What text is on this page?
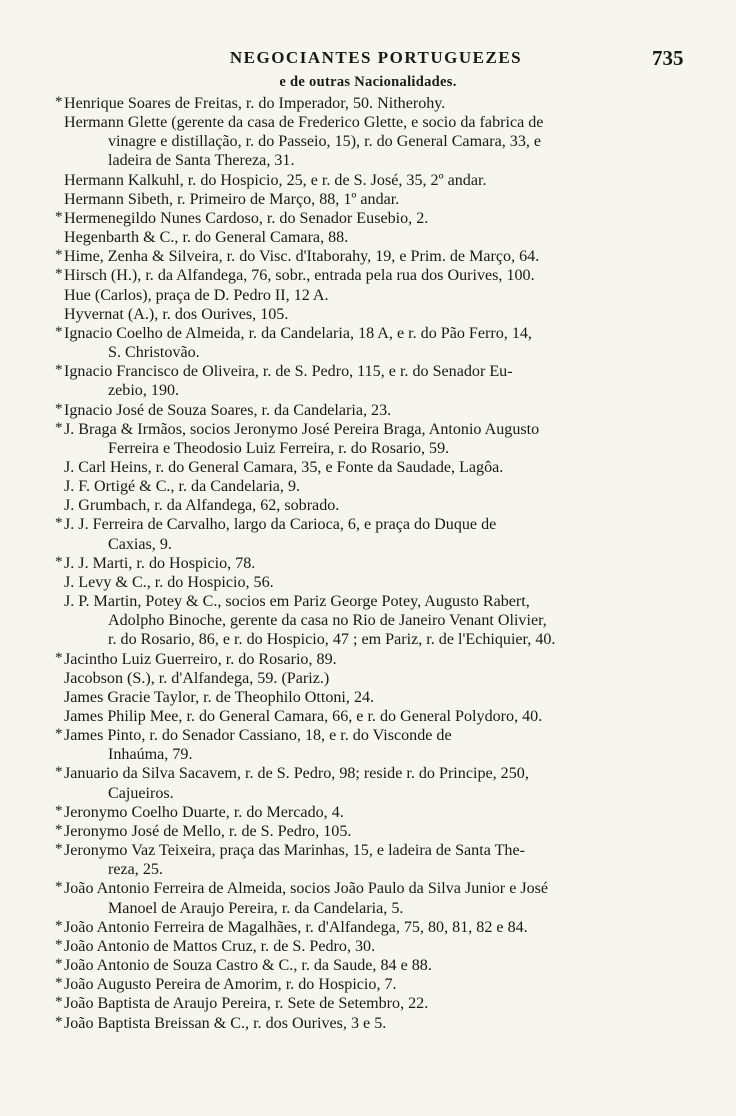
NEGOCIANTES PORTUGUEZES	735
e de outras Nacionalidades.
* Henrique Soares de Freitas, r. do Imperador, 50. Nitherohy.
Hermann Glette (gerente da casa de Frederico Glette, e socio da fabrica de
vinagre e distillação, r. do Passeio, 15), r. do General Camara, 33, e
ladeira de Santa Thereza, 31.
Hermann Kalkuhl, r. do Hospicio, 25, e r. de S. José, 35, 2º andar.
Hermann Sibeth, r. Primeiro de Março, 88, 1º andar.
* Hermenegildo Nunes Cardoso, r. do Senador Eusebio, 2.
Hegenbarth & C., r. do General Camara, 88.
* Hime, Zenha & Silveira, r. do Visc. d'Itaborahy, 19, e Prim. de Março, 64.
* Hirsch (H.), r. da Alfandega, 76, sobr., entrada pela rua dos Ourives, 100.
Hue (Carlos), praça de D. Pedro II, 12 A.
Hyvernat (A.), r. dos Ourives, 105.
* Ignacio Coelho de Almeida, r. da Candelaria, 18 A, e r. do Pão Ferro, 14,
S. Christovão.
* Ignacio Francisco de Oliveira, r. de S. Pedro, 115, e r. do Senador Eu-
zebio, 190.
* Ignacio José de Souza Soares, r. da Candelaria, 23.
* J. Braga & Irmãos, socios Jeronymo José Pereira Braga, Antonio Augusto
Ferreira e Theodosio Luiz Ferreira, r. do Rosario, 59.
J. Carl Heins, r. do General Camara, 35, e Fonte da Saudade, Lagôa.
J. F. Ortigé & C., r. da Candelaria, 9.
J. Grumbach, r. da Alfandega, 62, sobrado.
* J. J. Ferreira de Carvalho, largo da Carioca, 6, e praça do Duque de
Caxias, 9.
* J. J. Marti, r. do Hospicio, 78.
J. Levy & C., r. do Hospicio, 56.
J. P. Martin, Potey & C., socios em Pariz George Potey, Augusto Rabert,
Adolpho Binoche, gerente da casa no Rio de Janeiro Venant Olivier,
r. do Rosario, 86, e r. do Hospicio, 47 ; em Pariz, r. de l'Echiquier, 40.
* Jacintho Luiz Guerreiro, r. do Rosario, 89.
Jacobson (S.), r. d'Alfandega, 59. (Pariz.)
James Gracie Taylor, r. de Theophilo Ottoni, 24.
James Philip Mee, r. do General Camara, 66, e r. do General Polydoro, 40.
* James Pinto, r. do Senador Cassiano, 18, e r. do Visconde de
Inhaúma, 79.
* Januario da Silva Sacavem, r. de S. Pedro, 98; reside r. do Principe, 250,
Cajueiros.
* Jeronymo Coelho Duarte, r. do Mercado, 4.
* Jeronymo José de Mello, r. de S. Pedro, 105.
* Jeronymo Vaz Teixeira, praça das Marinhas, 15, e ladeira de Santa The-
reza, 25.
* João Antonio Ferreira de Almeida, socios João Paulo da Silva Junior e José
Manoel de Araujo Pereira, r. da Candelaria, 5.
* João Antonio Ferreira de Magalhães, r. d'Alfandega, 75, 80, 81, 82 e 84.
* João Antonio de Mattos Cruz, r. de S. Pedro, 30.
* João Antonio de Souza Castro & C., r. da Saude, 84 e 88.
* João Augusto Pereira de Amorim, r. do Hospicio, 7.
* João Baptista de Araujo Pereira, r. Sete de Setembro, 22.
* João Baptista Breissan & C., r. dos Ourives, 3 e 5.
